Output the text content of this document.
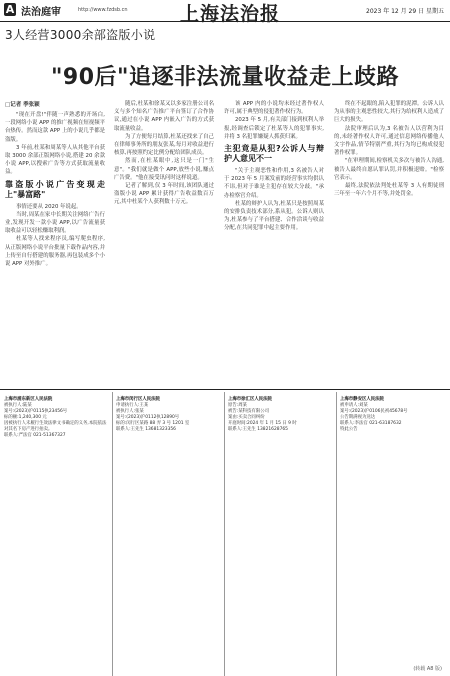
A 法治庭审	http://www.fzdsb.cn	上海法治报	2023 年 12 月 29 日 星期五
3人经营3000余部盗版小说
"90后"追逐非法流量收益走上歧路
□记者 季张颖

"现在开盘!"伴随一声熟悉的开场白,一段网络小说 APP 的推广视频在短视频平台热传。然而这款 APP 上的小说几乎都是盗版。

3 年前,杜某和周某等人从其他平台获取 3000 余部正版网络小说,搭建 20 余款小说 APP,以搜索广告等方式获取流量收益。

靠盗版小说广告变现走上"暴富路"

事情还要从 2020 年说起。

当时,周某在家中长期关注网络广告行业,发现开发一款小说 APP,以广告流量获取收益可以轻松赚取利润。

杜某等人找来程序员,编写爬虫程序,从正版网络小说平台批量下载作品内容,并上传至自行搭建的服务器,再包装成多个小说 APP 对外推广。

随后,杜某和徐某又以多家注册公司名义与多个知名广告推广平台签订了合作协议,通过在小说 APP 内嵌入广告的方式获取流量收益。

为了方便每月结算,杜某还找来了自己在律师事务所的朋友张某,每月对收益进行核算,再按照约定比例分配给团队成员。

然而,在杜某眼中,这只是一门"生意"。"我们就是做个 APP,放些小说,赚点广告费。"他在接受讯问时这样说道。

记者了解到,仅 3 年时间,该团队通过盗版小说 APP 累计获得广告收益数百万元,其中杜某个人获利数十万元。

该 APP 内的小说均未经过著作权人许可,属于典型的侵犯著作权行为。

2023 年 5 月,有关部门接到权利人举报,经调查后锁定了杜某等人的犯罪事实,并将 3 名犯罪嫌疑人抓获归案。

主犯竟是从犯?公诉人与辩护人意见不一

"关于主观恶性和作用,3 名被告人对于 2023 年 5 月案发前的经营事实均供认不讳,但对于谁是主犯存在较大分歧。"承办检察官介绍。

杜某的辩护人认为,杜某只是按照周某的安排负责技术部分,系从犯。公诉人则认为,杜某参与了平台搭建、合作洽谈与收益分配,在共同犯罪中起主要作用。

终在不起眼的,陷入犯罪的泥潭。公诉人认为从事的主观恶性较大,其行为给权利人造成了巨大的损失。

法院审理后认为,3 名被告人以营利为目的,未经著作权人许可,通过信息网络传播他人文字作品,情节特别严重,其行为均已构成侵犯著作权罪。

"在审理期间,检察机关多次与被告人沟通,被告人最终自愿认罪认罚,并积极退赔。"检察官表示。

最终,法院依法判处杜某等 3 人有期徒刑三年至一年六个月不等,并处罚金。

上海市浦东新区人民法院

被执行人:陆某

案号:(2023)沪0115执23456号

标的额:1,240,300 元

因被执行人未履行生效法律文书确定的义务,本院依法对其名下房产进行拍卖。

联系人:严法官 021-51367327

上海市闵行区人民法院

申请执行人:王某

被执行人:张某

案号:(2023)沪0112执12890号

标的:闵行区某路 88 弄 3 号 1201 室

联系人:王先生 13681323356

上海市徐汇区人民法院

原告:周某

被告:某科技有限公司

案由:买卖合同纠纷

开庭时间:2024 年 1 月 15 日 9 时

联系人:王先生 13821628765

上海市静安区人民法院

被申请人:刘某

案号:(2023)沪0106民初45678号

公告期满视为送达

联系人:李法官 021-63187632

特此公告

(转载 A8 版)
